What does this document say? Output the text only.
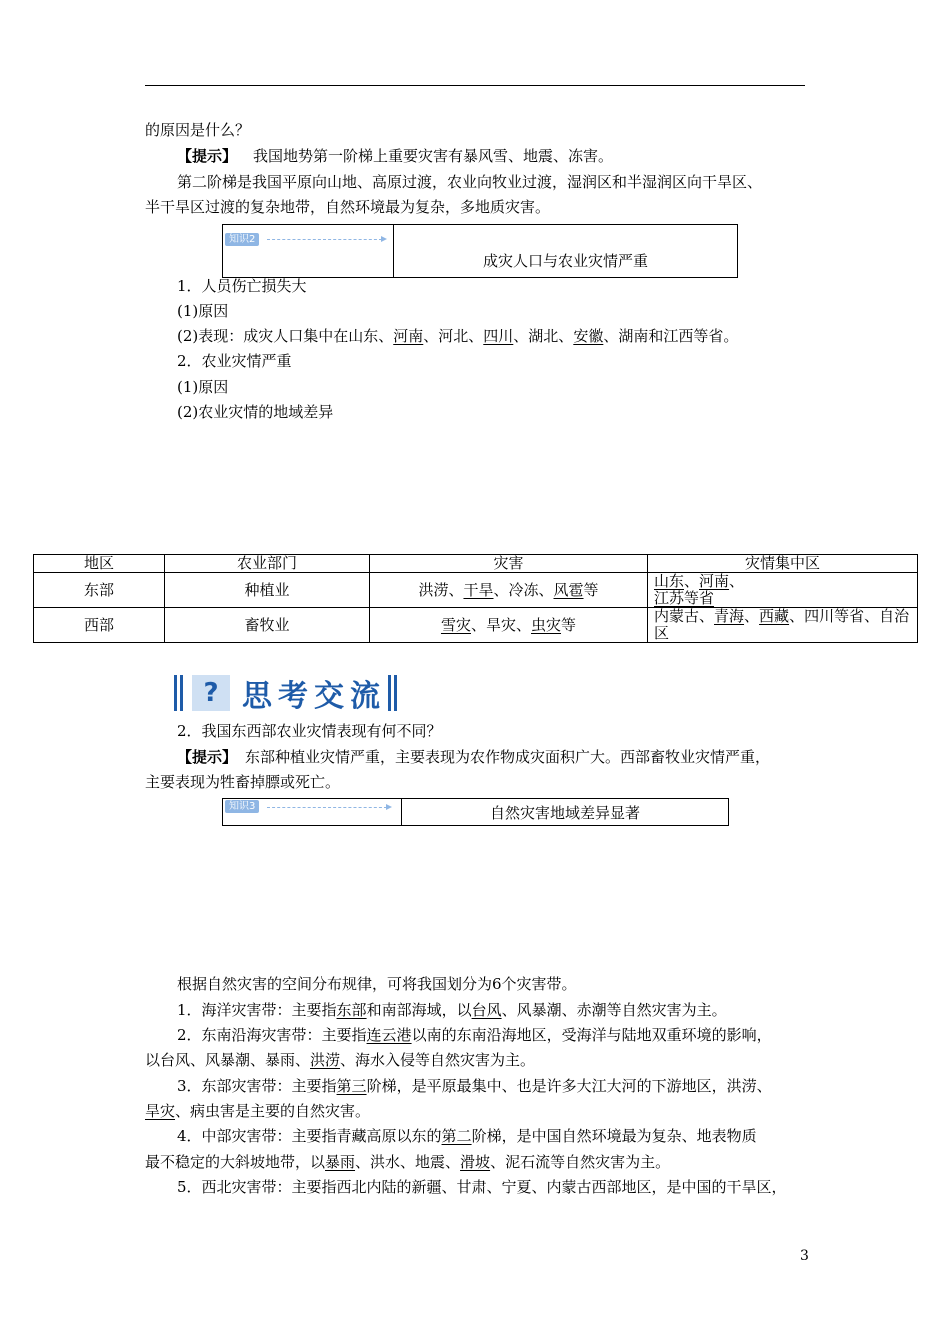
的原因是什么？
【提示】 我国地势第一阶梯上重要灾害有暴风雪、地震、冻害。
第二阶梯是我国平原向山地、高原过渡，农业向牧业过渡，湿润区和半湿润区向干旱区、
半干旱区过渡的复杂地带，自然环境最为复杂，多地质灾害。
知识2
成灾人口与农业灾情严重
1．人员伤亡损失大
(1)原因
(2)表现：成灾人口集中在山东、河南、河北、四川、湖北、安徽、湖南和江西等省。
2．农业灾情严重
(1)原因
(2)农业灾情的地域差异
地区	农业部门	灾害	灾情集中区
东部	种植业	洪涝、干旱、冷冻、风雹等	山东、河南、
江苏等省
西部	畜牧业	雪灾、旱灾、虫灾等	内蒙古、青海、西藏、四川等省、自治区
? 思考交流
2．我国东西部农业灾情表现有何不同？
【提示】 东部种植业灾情严重，主要表现为农作物成灾面积广大。西部畜牧业灾情严重，
主要表现为牲畜掉膘或死亡。
知识3	自然灾害地域差异显著
根据自然灾害的空间分布规律，可将我国划分为6个灾害带。
1．海洋灾害带：主要指东部和南部海域，以台风、风暴潮、赤潮等自然灾害为主。
2．东南沿海灾害带：主要指连云港以南的东南沿海地区，受海洋与陆地双重环境的影响，
以台风、风暴潮、暴雨、洪涝、海水入侵等自然灾害为主。
3．东部灾害带：主要指第三阶梯，是平原最集中、也是许多大江大河的下游地区，洪涝、
旱灾、病虫害是主要的自然灾害。
4．中部灾害带：主要指青藏高原以东的第二阶梯，是中国自然环境最为复杂、地表物质
最不稳定的大斜坡地带，以暴雨、洪水、地震、滑坡、泥石流等自然灾害为主。
5．西北灾害带：主要指西北内陆的新疆、甘肃、宁夏、内蒙古西部地区，是中国的干旱区，
3
